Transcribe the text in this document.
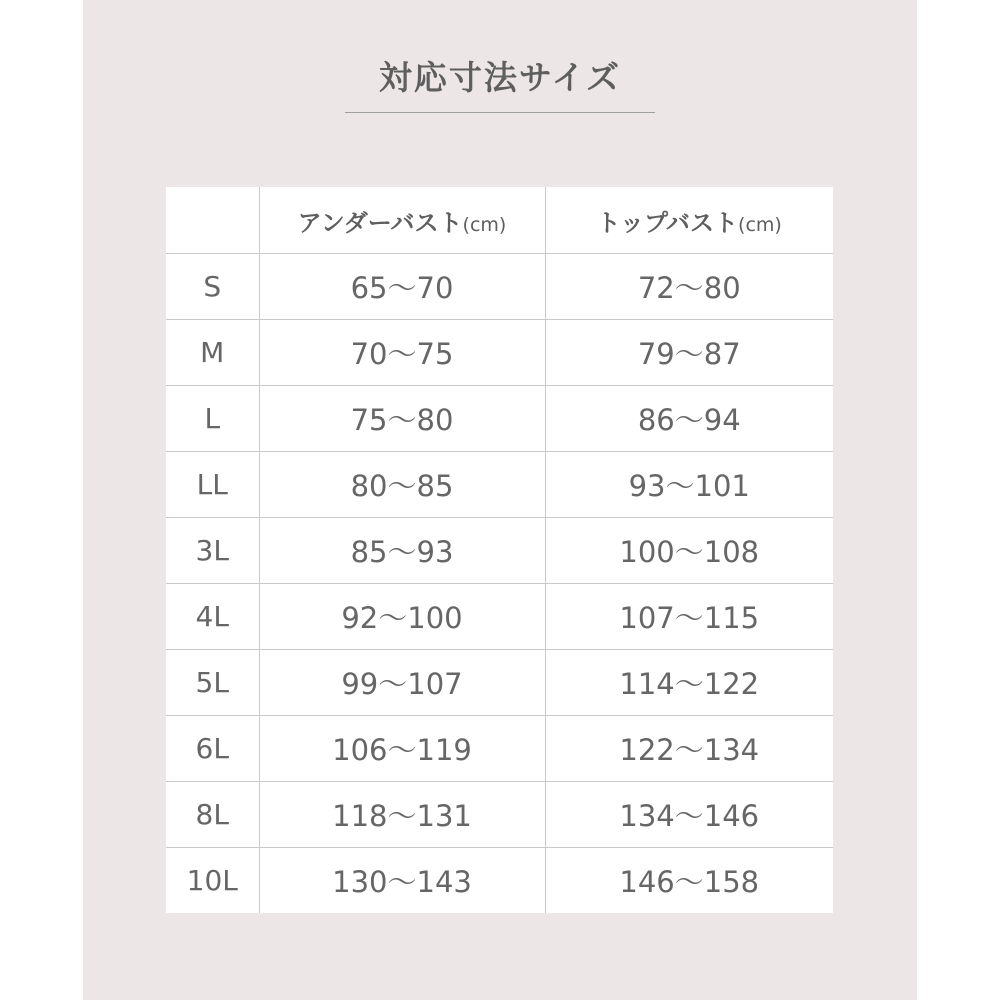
対応寸法サイズ
	アンダーバスト(cm)	トップバスト(cm)
S	65〜70	72〜80
M	70〜75	79〜87
L	75〜80	86〜94
LL	80〜85	93〜101
3L	85〜93	100〜108
4L	92〜100	107〜115
5L	99〜107	114〜122
6L	106〜119	122〜134
8L	118〜131	134〜146
10L	130〜143	146〜158
